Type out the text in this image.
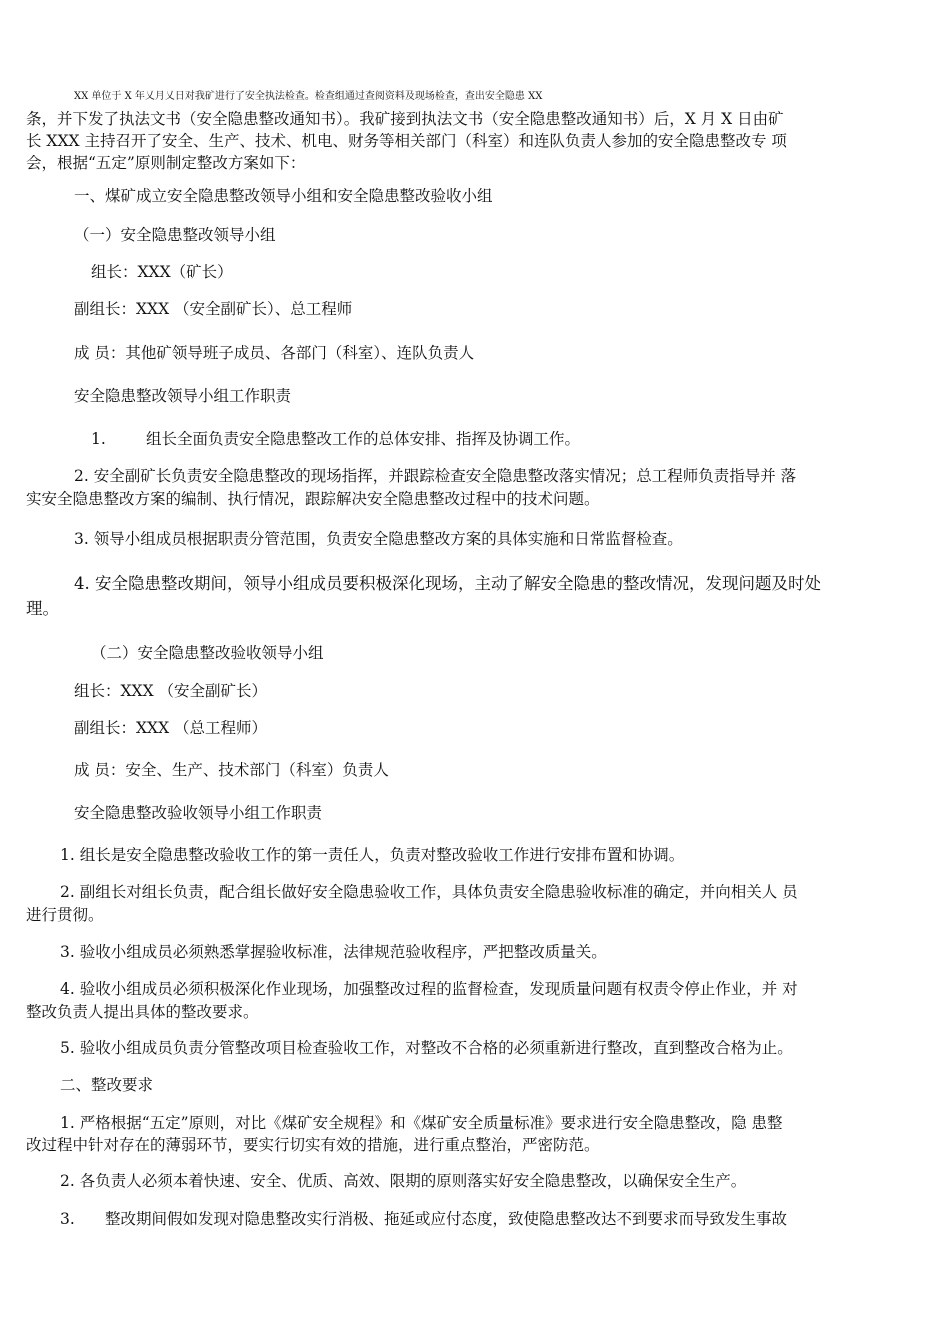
XX 单位于 X 年乂月乂日对我矿进行了安全执法检查。检查组通过查阅资料及现场检查，查出安全隐患 XX
条，并下发了执法文书（安全隐患整改通知书）。我矿接到执法文书（安全隐患整改通知书）后，X 月 X 日由矿
长 XXX 主持召开了安全、生产、技术、机电、财务等相关部门（科室）和连队负责人参加的安全隐患整改专 项
会，根据“五定”原则制定整改方案如下：
一、煤矿成立安全隐患整改领导小组和安全隐患整改验收小组
（一）安全隐患整改领导小组
组长：XXX（矿长）
副组长：XXX （安全副矿长）、总工程师
成 员：其他矿领导班子成员、各部门（科室）、连队负责人
安全隐患整改领导小组工作职责
1.	组长全面负责安全隐患整改工作的总体安排、指挥及协调工作。
2. 安全副矿长负责安全隐患整改的现场指挥，并跟踪检查安全隐患整改落实情况；总工程师负责指导并 落
实安全隐患整改方案的编制、执行情况，跟踪解决安全隐患整改过程中的技术问题。
3. 领导小组成员根据职责分管范围，负责安全隐患整改方案的具体实施和日常监督检查。
4. 安全隐患整改期间，领导小组成员要积极深化现场，主动了解安全隐患的整改情况，发现问题及时处
理。
（二）安全隐患整改验收领导小组
组长：XXX （安全副矿长）
副组长：XXX （总工程师）
成 员：安全、生产、技术部门（科室）负责人
安全隐患整改验收领导小组工作职责
1. 组长是安全隐患整改验收工作的第一责任人，负责对整改验收工作进行安排布置和协调。
2. 副组长对组长负责，配合组长做好安全隐患验收工作，具体负责安全隐患验收标准的确定，并向相关人 员
进行贯彻。
3. 验收小组成员必须熟悉掌握验收标准，法律规范验收程序，严把整改质量关。
4. 验收小组成员必须积极深化作业现场，加强整改过程的监督检查，发现质量问题有权责令停止作业，并 对
整改负责人提出具体的整改要求。
5. 验收小组成员负责分管整改项目检查验收工作，对整改不合格的必须重新进行整改，直到整改合格为止。
二、整改要求
1. 严格根据“五定”原则，对比《煤矿安全规程》和《煤矿安全质量标准》要求进行安全隐患整改，隐 患整
改过程中针对存在的薄弱环节，要实行切实有效的措施，进行重点整治，严密防范。
2. 各负责人必须本着快速、安全、优质、高效、限期的原则落实好安全隐患整改，以确保安全生产。
3. 整改期间假如发现对隐患整改实行消极、拖延或应付态度，致使隐患整改达不到要求而导致发生事故
